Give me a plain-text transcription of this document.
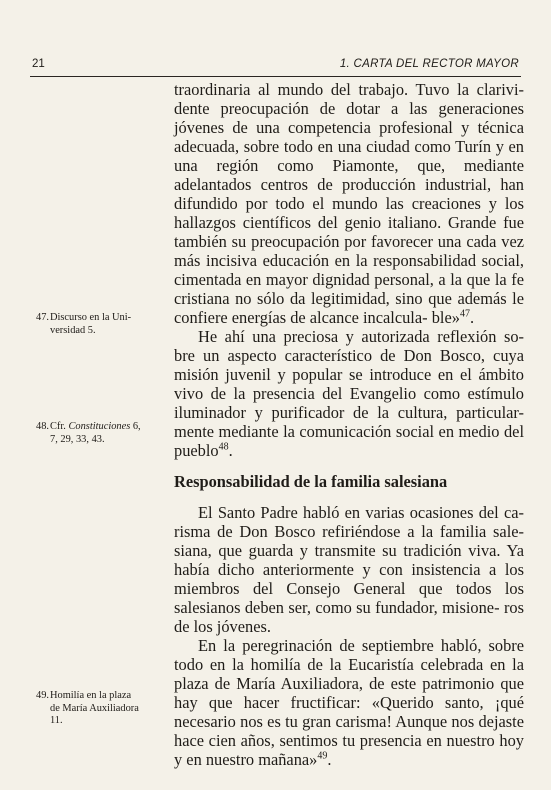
21	1. CARTA DEL RECTOR MAYOR

traordinaria al mundo del trabajo. Tuvo la clarivi- dente preocupación de dotar a las generaciones jóvenes de una competencia profesional y técnica adecuada, sobre todo en una ciudad como Turín y en una región como Piamonte, que, mediante adelantados centros de producción industrial, han difundido por todo el mundo las creaciones y los hallazgos científicos del genio italiano. Grande fue también su preocupación por favorecer una cada vez más incisiva educación en la responsabilidad social, cimentada en mayor dignidad personal, a la que la fe cristiana no sólo da legitimidad, sino que además le confiere energías de alcance incalcula- ble»$^{47}$.

He ahí una preciosa y autorizada reflexión so- bre un aspecto característico de Don Bosco, cuya misión juvenil y popular se introduce en el ámbito vivo de la presencia del Evangelio como estímulo iluminador y purificador de la cultura, particular- mente mediante la comunicación social en medio del pueblo$^{48}$.

Responsabilidad de la familia salesiana

El Santo Padre habló en varias ocasiones del ca- risma de Don Bosco refiriéndose a la familia sale- siana, que guarda y transmite su tradición viva. Ya había dicho anteriormente y con insistencia a los miembros del Consejo General que todos los salesianos deben ser, como su fundador, misione- ros de los jóvenes.

En la peregrinación de septiembre habló, sobre todo en la homilía de la Eucaristía celebrada en la plaza de María Auxiliadora, de este patrimonio que hay que hacer fructificar: «Querido santo, ¡qué necesario nos es tu gran carisma! Aunque nos dejaste hace cien años, sentimos tu presencia en nuestro hoy y en nuestro mañana»$^{49}$.

47.Discurso en la Uni-
versidad 5.
48.Cfr. Constituciones 6,
7, 29, 33, 43.
49.Homilía en la plaza
de María Auxiliadora
11.
